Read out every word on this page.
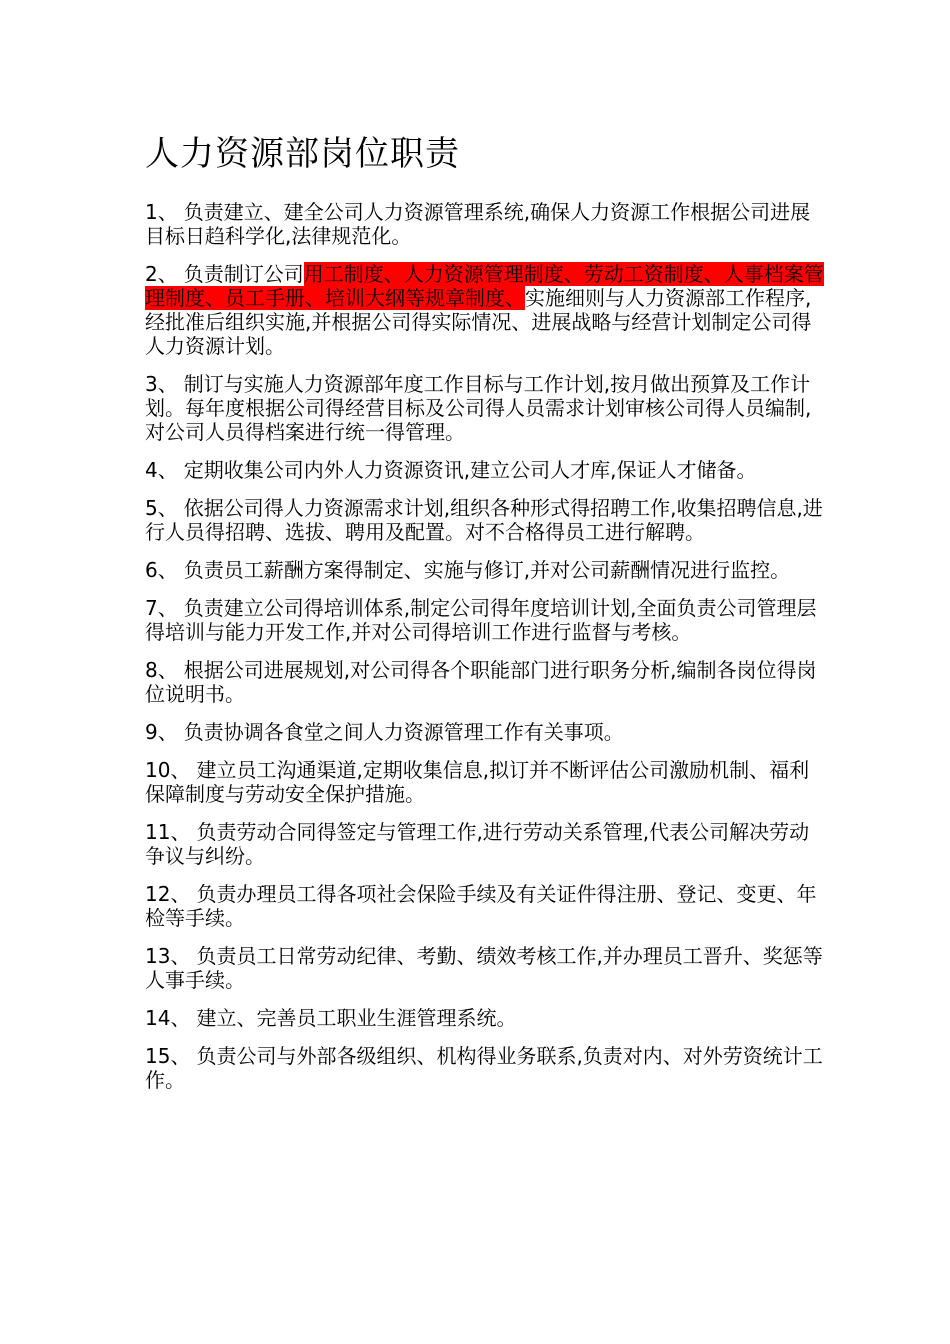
人力资源部岗位职责

1、 负责建立、建全公司人力资源管理系统,确保人力资源工作根据公司进展目标日趋科学化,法律规范化。

2、 负责制订公司用工制度、人力资源管理制度、劳动工资制度、人事档案管理制度、员工手册、培训大纲等规章制度、实施细则与人力资源部工作程序,经批准后组织实施,并根据公司得实际情况、进展战略与经营计划制定公司得人力资源计划。

3、 制订与实施人力资源部年度工作目标与工作计划,按月做出预算及工作计划。每年度根据公司得经营目标及公司得人员需求计划审核公司得人员编制,对公司人员得档案进行统一得管理。

4、 定期收集公司内外人力资源资讯,建立公司人才库,保证人才储备。

5、 依据公司得人力资源需求计划,组织各种形式得招聘工作,收集招聘信息,进行人员得招聘、选拔、聘用及配置。对不合格得员工进行解聘。

6、 负责员工薪酬方案得制定、实施与修订,并对公司薪酬情况进行监控。

7、 负责建立公司得培训体系,制定公司得年度培训计划,全面负责公司管理层得培训与能力开发工作,并对公司得培训工作进行监督与考核。

8、 根据公司进展规划,对公司得各个职能部门进行职务分析,编制各岗位得岗位说明书。

9、 负责协调各食堂之间人力资源管理工作有关事项。

10、 建立员工沟通渠道,定期收集信息,拟订并不断评估公司激励机制、福利保障制度与劳动安全保护措施。

11、 负责劳动合同得签定与管理工作,进行劳动关系管理,代表公司解决劳动争议与纠纷。

12、 负责办理员工得各项社会保险手续及有关证件得注册、登记、变更、年检等手续。

13、 负责员工日常劳动纪律、考勤、绩效考核工作,并办理员工晋升、奖惩等人事手续。

14、 建立、完善员工职业生涯管理系统。

15、 负责公司与外部各级组织、机构得业务联系,负责对内、对外劳资统计工作。
